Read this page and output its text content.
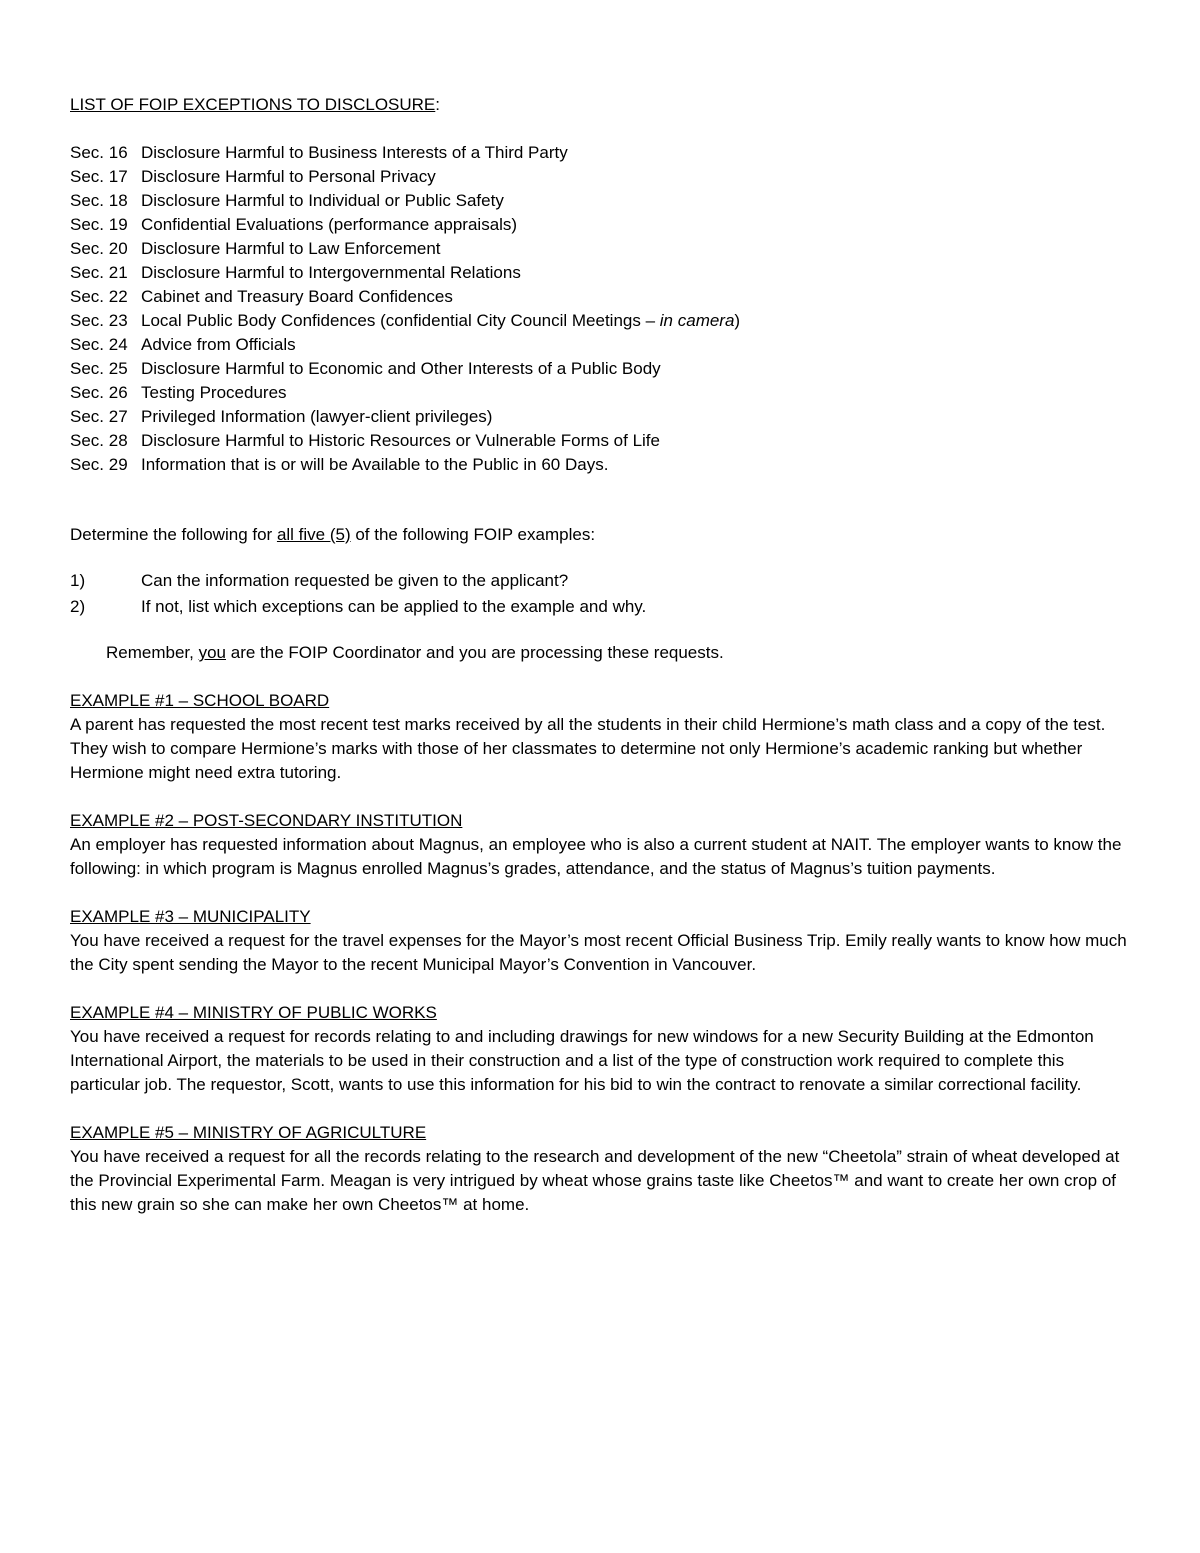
LIST OF FOIP EXCEPTIONS TO DISCLOSURE:

Sec. 16 Disclosure Harmful to Business Interests of a Third Party
Sec. 17 Disclosure Harmful to Personal Privacy
Sec. 18 Disclosure Harmful to Individual or Public Safety
Sec. 19 Confidential Evaluations (performance appraisals)
Sec. 20 Disclosure Harmful to Law Enforcement
Sec. 21 Disclosure Harmful to Intergovernmental Relations
Sec. 22 Cabinet and Treasury Board Confidences
Sec. 23 Local Public Body Confidences (confidential City Council Meetings – in camera)
Sec. 24 Advice from Officials
Sec. 25 Disclosure Harmful to Economic and Other Interests of a Public Body
Sec. 26 Testing Procedures
Sec. 27 Privileged Information (lawyer-client privileges)
Sec. 28 Disclosure Harmful to Historic Resources or Vulnerable Forms of Life
Sec. 29 Information that is or will be Available to the Public in 60 Days.

Determine the following for all five (5) of the following FOIP examples:

1)	Can the information requested be given to the applicant?
2)	If not, list which exceptions can be applied to the example and why.

Remember, you are the FOIP Coordinator and you are processing these requests.

EXAMPLE #1 – SCHOOL BOARD

A parent has requested the most recent test marks received by all the students in their child Hermione’s math class and a copy of the test. They wish to compare Hermione’s marks with those of her classmates to determine not only Hermione’s academic ranking but whether Hermione might need extra tutoring.

EXAMPLE #2 – POST-SECONDARY INSTITUTION

An employer has requested information about Magnus, an employee who is also a current student at NAIT. The employer wants to know the following: in which program is Magnus enrolled Magnus’s grades, attendance, and the status of Magnus’s tuition payments.

EXAMPLE #3 – MUNICIPALITY

You have received a request for the travel expenses for the Mayor’s most recent Official Business Trip. Emily really wants to know how much the City spent sending the Mayor to the recent Municipal Mayor’s Convention in Vancouver.

EXAMPLE #4 – MINISTRY OF PUBLIC WORKS

You have received a request for records relating to and including drawings for new windows for a new Security Building at the Edmonton International Airport, the materials to be used in their construction and a list of the type of construction work required to complete this particular job. The requestor, Scott, wants to use this information for his bid to win the contract to renovate a similar correctional facility.

EXAMPLE #5 – MINISTRY OF AGRICULTURE

You have received a request for all the records relating to the research and development of the new “Cheetola” strain of wheat developed at the Provincial Experimental Farm. Meagan is very intrigued by wheat whose grains taste like Cheetos™ and want to create her own crop of this new grain so she can make her own Cheetos™ at home.
